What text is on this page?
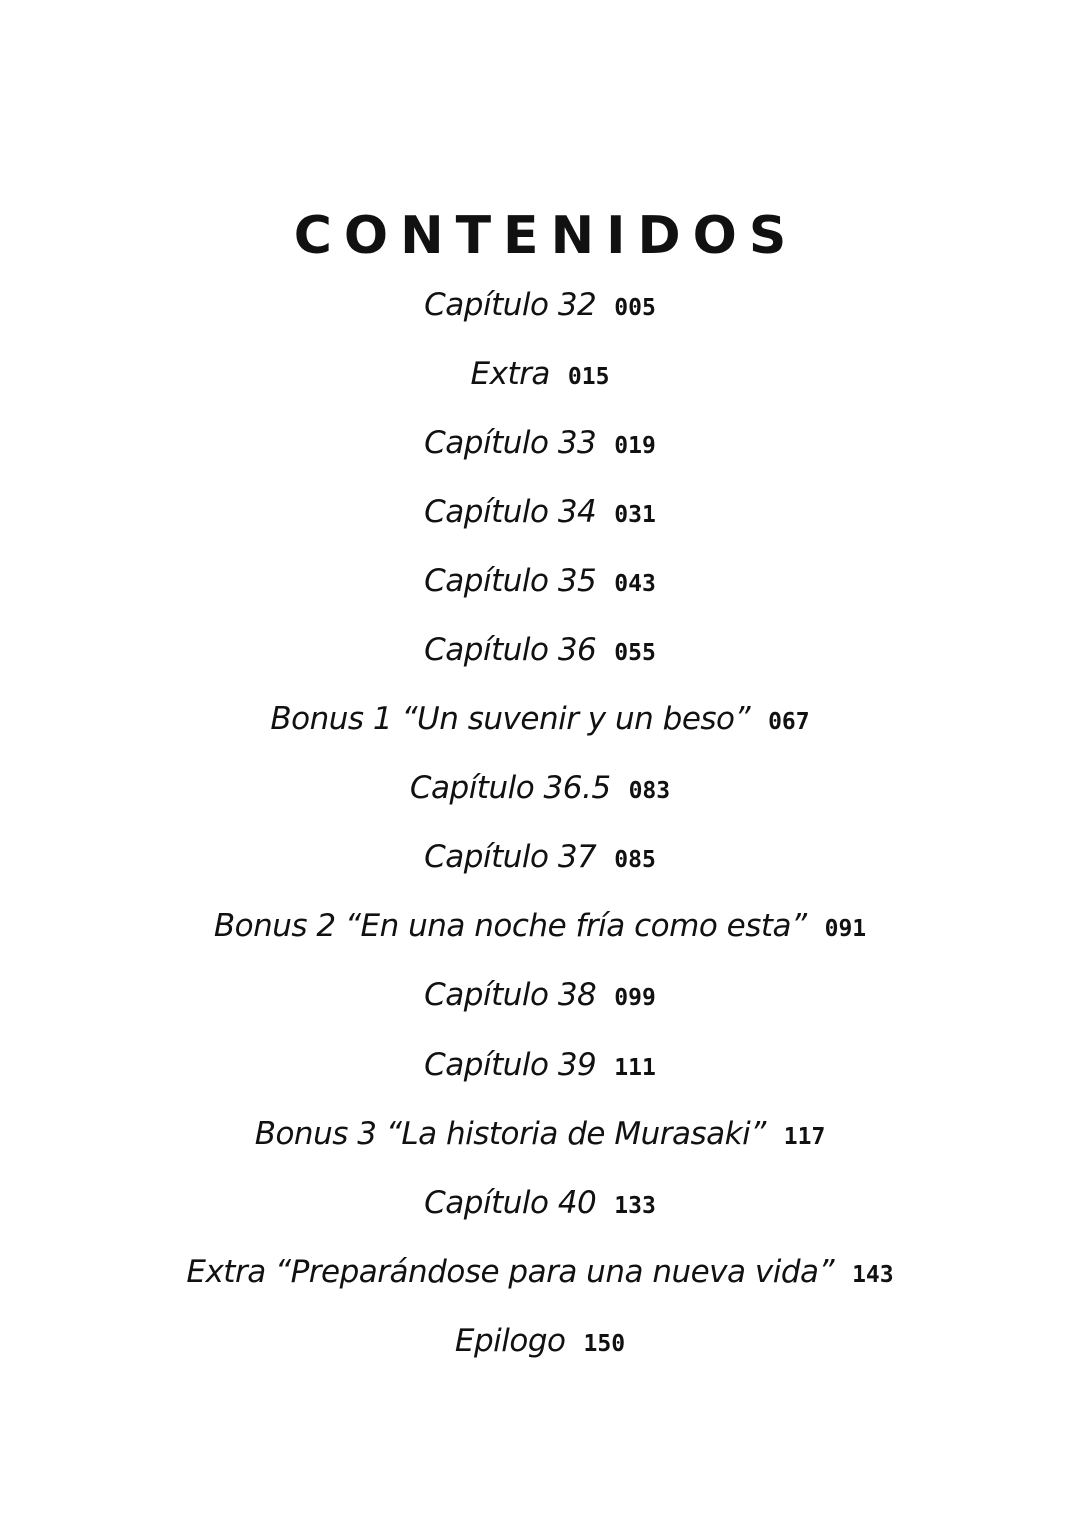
CONTENIDOS
Capítulo 32 005
Extra 015
Capítulo 33 019
Capítulo 34 031
Capítulo 35 043
Capítulo 36 055
Bonus 1 “Un suvenir y un beso” 067
Capítulo 36.5 083
Capítulo 37 085
Bonus 2 “En una noche fría como esta” 091
Capítulo 38 099
Capítulo 39 111
Bonus 3 “La historia de Murasaki” 117
Capítulo 40 133
Extra “Preparándose para una nueva vida” 143
Epilogo 150
